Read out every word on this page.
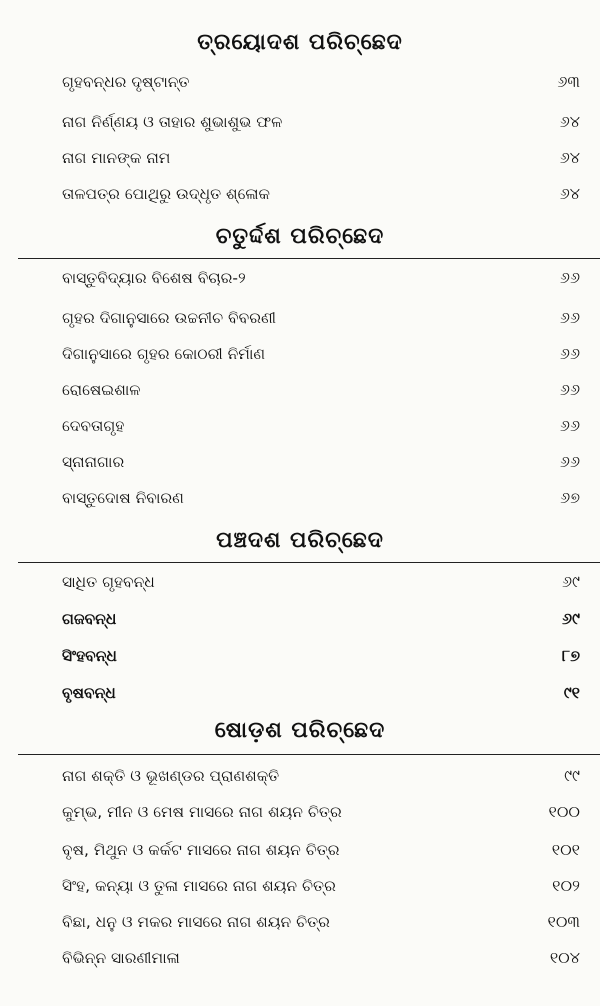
ତ୍ରୟୋଦଶ ପରିଚ୍ଛେଦ
ଗୃହବନ୍ଧର ଦୃଷ୍ଟାନ୍ତ	୬୩
ନାଗ ନିର୍ଣ୍ଣୟ ଓ ତାହାର ଶୁଭାଶୁଭ ଫଳ	୬୪
ନାଗ ମାନଙ୍କ ନାମ	୬୪
ତାଳପତ୍ର ପୋଥିରୁ ଉଦ୍ଧୃତ ଶ୍ଳୋକ	୬୪
ଚତୁର୍ଦ୍ଦଶ ପରିଚ୍ଛେଦ
ବାସ୍ତୁବିଦ୍ୟାର ବିଶେଷ ବିଚାର-୨	୬୬
ଗୃହର ଦିଗାନୁସାରେ ଉଚ୍ଚନୀଚ ବିବରଣୀ	୬୬
ଦିଗାନୁସାରେ ଗୃହର କୋଠରୀ ନିର୍ମାଣ	୬୬
ରୋଷେଇଶାଳ	୬୬
ଦେବତାଗୃହ	୬୬
ସ୍ନାନାଗାର	୬୬
ବାସ୍ତୁଦୋଷ ନିବାରଣ	୬୭
ପଞ୍ଚଦଶ ପରିଚ୍ଛେଦ
ସାଧିତ ଗୃହବନ୍ଧ	୬୯
ଗଜବନ୍ଧ	୬୯
ସିଂହବନ୍ଧ	୮୭
ବୃଷବନ୍ଧ	୯୧
ଷୋଡ଼ଶ ପରିଚ୍ଛେଦ
ନାଗ ଶକ୍ତି ଓ ଭୂଖଣ୍ଡର ପ୍ରାଣଶକ୍ତି	୯୯
କୁମ୍ଭ, ମୀନ ଓ ମେଷ ମାସରେ ନାଗ ଶୟନ ଚିତ୍ର	୧୦୦
ବୃଷ, ମିଥୁନ ଓ କର୍କଟ ମାସରେ ନାଗ ଶୟନ ଚିତ୍ର	୧୦୧
ସିଂହ, କନ୍ୟା ଓ ତୁଳା ମାସରେ ନାଗ ଶୟନ ଚିତ୍ର	୧୦୨
ବିଛା, ଧନୁ ଓ ମକର ମାସରେ ନାଗ ଶୟନ ଚିତ୍ର	୧୦୩
ବିଭିନ୍ନ ସାରଣୀମାଳା	୧୦୪
